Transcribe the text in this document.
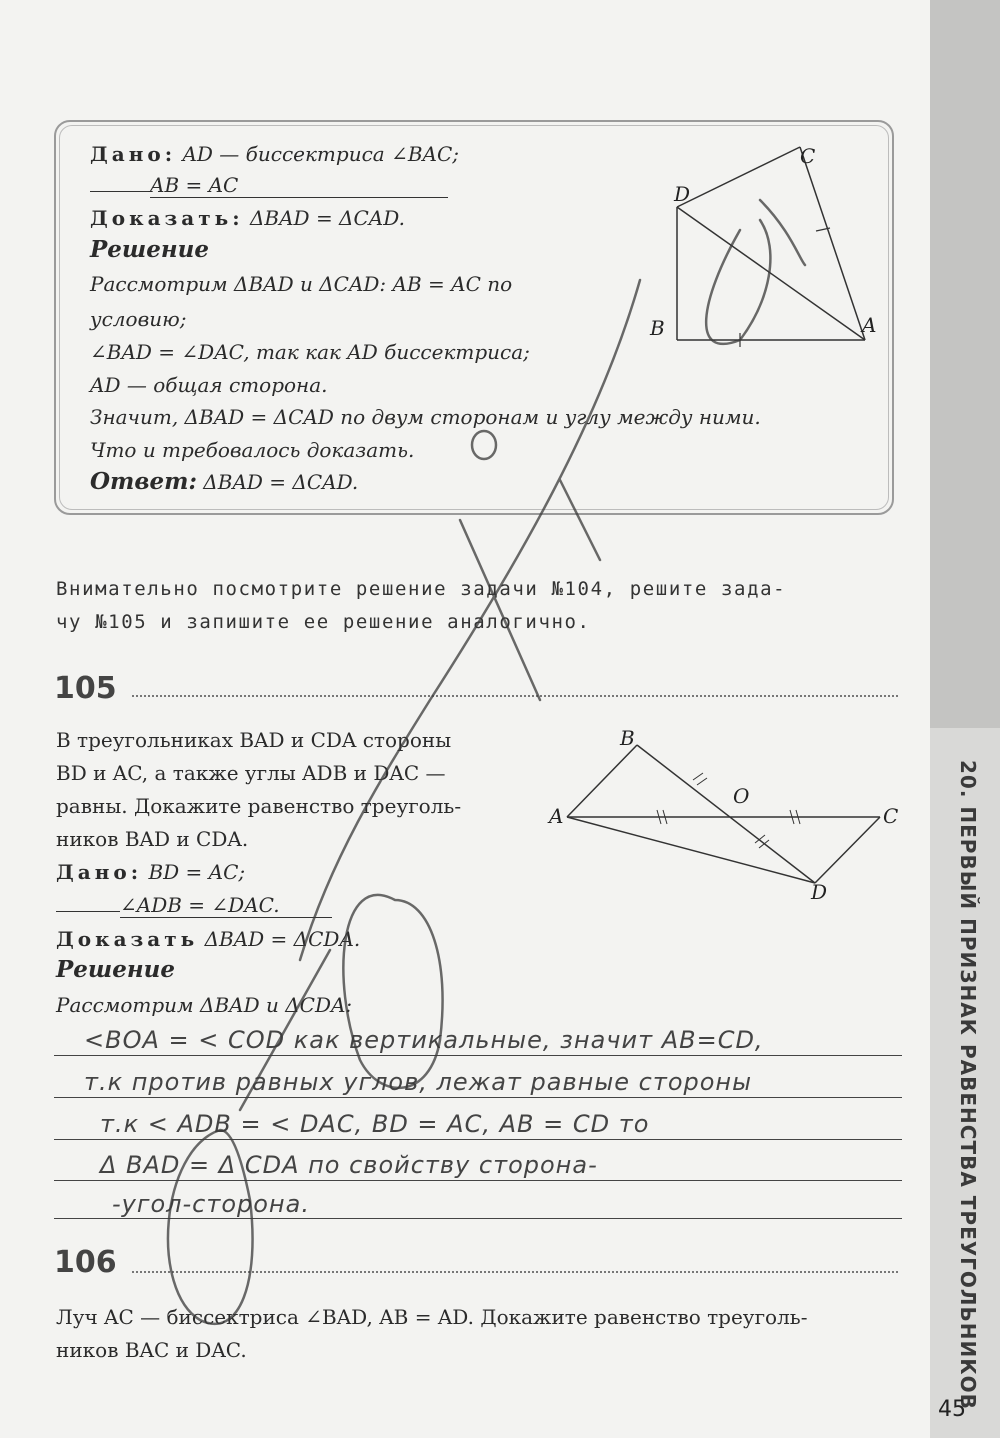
20. ПЕРВЫЙ ПРИЗНАК РАВЕНСТВА ТРЕУГОЛЬНИКОВ
45
Дано: AD — биссектриса ∠BAC;
AB = AC
Доказать: ΔBAD = ΔCAD.
Решение
Рассмотрим ΔBAD и ΔCAD: AB = AC по
условию;
∠BAD = ∠DAC, так как AD биссектриса;
AD — общая сторона.
Значит, ΔBAD = ΔCAD по двум сторонам и углу между ними.
Что и требовалось доказать.
Ответ: ΔBAD = ΔCAD.
C
D
B	A
Внимательно посмотрите решение задачи №104, решите зада-
чу №105 и запишите ее решение аналогично.
105
В треугольниках BAD и CDA стороны
BD и AC, а также углы ADB и DAC —
равны. Докажите равенство треуголь-
ников BAD и CDA.
Дано: BD = AC;
∠ADB = ∠DAC.
Доказать ΔBAD = ΔCDA.
Решение
Рассмотрим ΔBAD и ΔCDA:
B
O
A	C
D
<BOA = < COD как вертикальные, значит AB=CD,
т.к против равных углов, лежат равные стороны
т.к < ADB = < DAC, BD = AC, AB = CD то
Δ BAD = Δ CDA по свойству сторона-
-угол-сторона.
106
Луч AC — биссектриса ∠BAD, AB = AD. Докажите равенство треуголь-
ников BAC и DAC.
